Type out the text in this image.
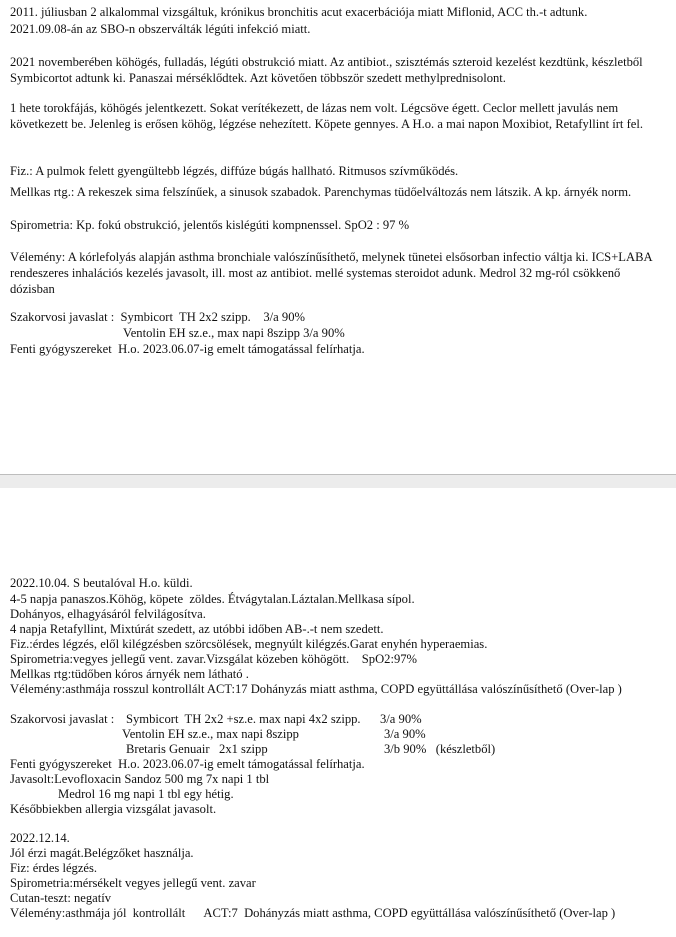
2011. júliusban 2 alkalommal vizsgáltuk, krónikus bronchitis acut exacerbációja miatt Miflonid, ACC th.-t adtunk.

2021.09.08-án az SBO-n obszerválták légúti infekció miatt.

2021 novemberében köhögés, fulladás, légúti obstrukció miatt. Az antibiot., szisztémás szteroid kezelést kezdtünk, készletből Symbicortot adtunk ki. Panaszai mérséklődtek. Azt követően többször szedett methylprednisolont.

1 hete torokfájás, köhögés jelentkezett. Sokat verítékezett, de lázas nem volt. Légcsöve égett. Ceclor mellett javulás nem következett be. Jelenleg is erősen köhög, légzése nehezített. Köpete gennyes. A H.o. a mai napon Moxibiot, Retafyllint írt fel.

Fiz.: A pulmok felett gyengültebb légzés, diffúze búgás hallható. Ritmusos szívműködés.

Mellkas rtg.: A rekeszek sima felszínűek, a sinusok szabadok. Parenchymas tüdőelváltozás nem látszik. A kp. árnyék norm.

Spirometria: Kp. fokú obstrukció, jelentős kislégúti kompnenssel. SpO2 : 97 %

Vélemény: A kórlefolyás alapján asthma bronchiale valószínűsíthető, melynek tünetei elsősorban infectio váltja ki. ICS+LABA rendeszeres inhalációs kezelés javasolt, ill. most az antibiot. mellé systemas steroidot adunk. Medrol 32 mg-ról csökkenő dózisban

Szakorvosi javaslat :  Symbicort  TH 2x2 szipp.    3/a 90%

Ventolin EH sz.e., max napi 8szipp 3/a 90%

Fenti gyógyszereket  H.o. 2023.06.07-ig emelt támogatással felírhatja.

2022.10.04. S beutalóval H.o. küldi.

4-5 napja panaszos.Köhög, köpete  zöldes. Étvágytalan.Láztalan.Mellkasa sípol.

Dohányos, elhagyásáról felvilágosítva.

4 napja Retafyllint, Mixtúrát szedett, az utóbbi időben AB-.-t nem szedett.

Fiz.:érdes légzés, elől kilégzésben szörcsölések, megnyúlt kilégzés.Garat enyhén hyperaemias.

Spirometria:vegyes jellegű vent. zavar.Vizsgálat közeben köhögött.    SpO2:97%

Mellkas rtg:tüdőben kóros árnyék nem látható .

Vélemény:asthmája rosszul kontrollált ACT:17 Dohányzás miatt asthma, COPD együttállása valószínűsíthető (Over-lap )

Szakorvosi javaslat : Symbicort  TH 2x2 +sz.e. max napi 4x2 szipp. 3/a 90%

Ventolin EH sz.e., max napi 8szipp	3/a 90%

Bretaris Genuair   2x1 szipp	3/b 90%   (készletből)

Fenti gyógyszereket  H.o. 2023.06.07-ig emelt támogatással felírhatja.

Javasolt:Levofloxacin Sandoz 500 mg 7x napi 1 tbl

Medrol 16 mg napi 1 tbl egy hétig.

Későbbiekben allergia vizsgálat javasolt.

2022.12.14.

Jól érzi magát.Belégzőket használja.

Fiz: érdes légzés.

Spirometria:mérsékelt vegyes jellegű vent. zavar

Cutan-teszt: negatív

Vélemény:asthmája jól  kontrollált      ACT:7  Dohányzás miatt asthma, COPD együttállása valószínűsíthető (Over-lap )
